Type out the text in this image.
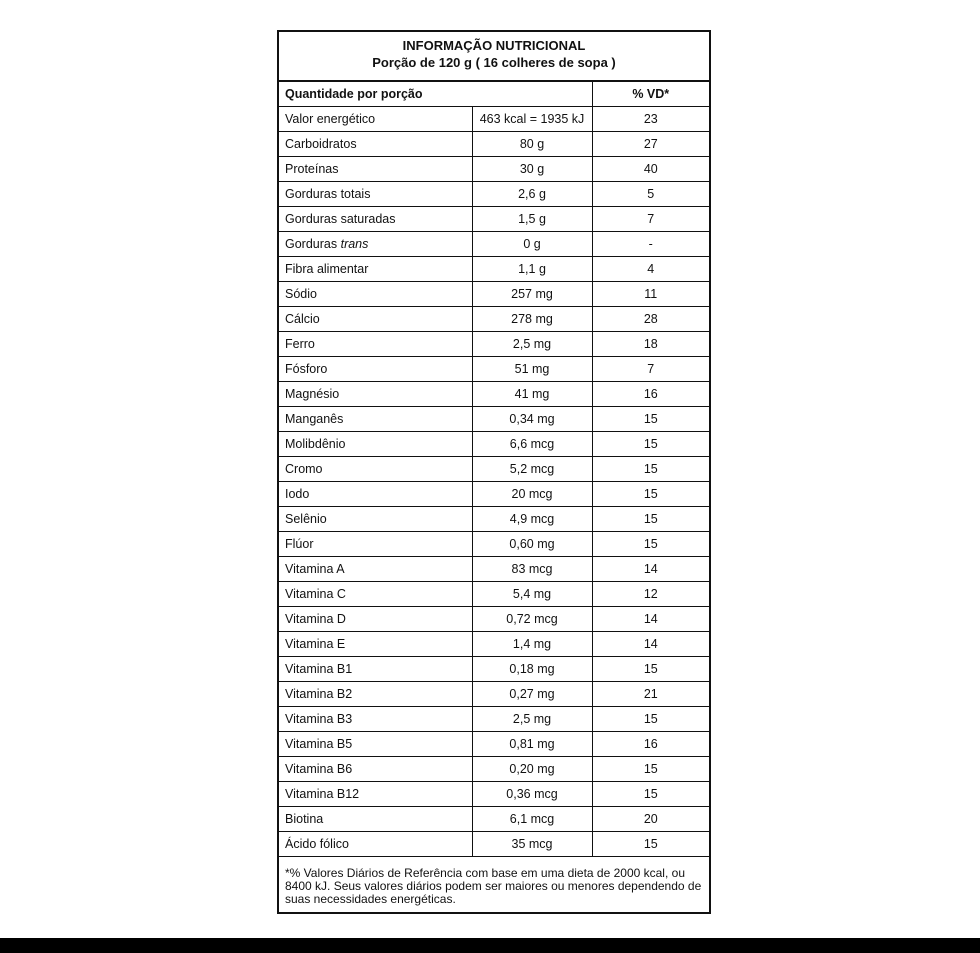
INFORMAÇÃO NUTRICIONAL
Porção de 120 g ( 16 colheres de sopa )
Quantidade por porção		% VD*
Valor energético	463 kcal = 1935 kJ	23
Carboidratos	80 g	27
Proteínas	30 g	40
Gorduras totais	2,6 g	5
Gorduras saturadas	1,5 g	7
Gorduras trans	0 g	-
Fibra alimentar	1,1 g	4
Sódio	257 mg	11
Cálcio	278 mg	28
Ferro	2,5 mg	18
Fósforo	51 mg	7
Magnésio	41 mg	16
Manganês	0,34 mg	15
Molibdênio	6,6 mcg	15
Cromo	5,2 mcg	15
Iodo	20 mcg	15
Selênio	4,9 mcg	15
Flúor	0,60 mg	15
Vitamina A	83 mcg	14
Vitamina C	5,4 mg	12
Vitamina D	0,72 mcg	14
Vitamina E	1,4 mg	14
Vitamina B1	0,18 mg	15
Vitamina B2	0,27 mg	21
Vitamina B3	2,5 mg	15
Vitamina B5	0,81 mg	16
Vitamina B6	0,20 mg	15
Vitamina B12	0,36 mcg	15
Biotina	6,1 mcg	20
Ácido fólico	35 mcg	15
*% Valores Diários de Referência com base em uma dieta de 2000 kcal, ou 8400 kJ. Seus valores diários podem ser maiores ou menores dependendo de suas necessidades energéticas.
